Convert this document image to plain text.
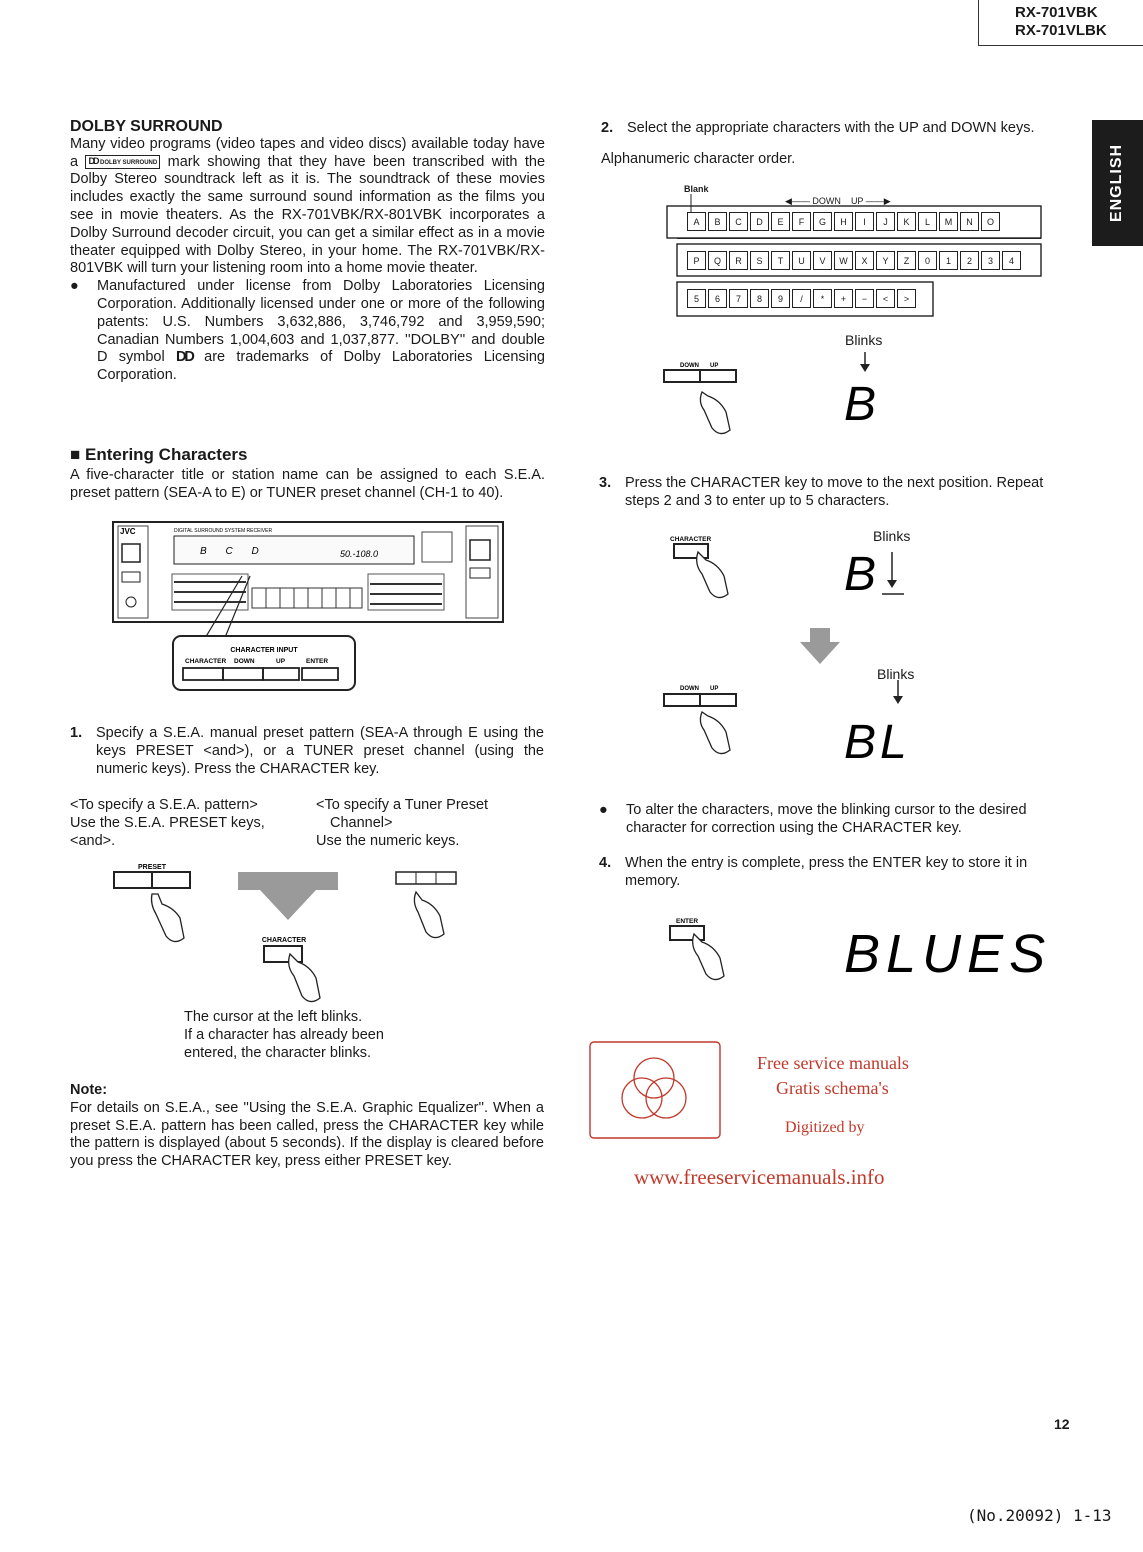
RX-701VBK
RX-701VLBK
ENGLISH
DOLBY SURROUND
Many video programs (video tapes and video discs) available today have a DD DOLBY SURROUND mark showing that they have been transcribed with the Dolby Stereo soundtrack left as it is. The soundtrack of these movies includes exactly the same surround sound information as the films you see in movie theaters. As the RX-701VBK/RX-801VBK incorporates a Dolby Surround decoder circuit, you can get a similar effect as in a movie theater equipped with Dolby Stereo, in your home. The RX-701VBK/RX-801VBK will turn your listening room into a home movie theater.
●	Manufactured under license from Dolby Laboratories Licensing Corporation. Additionally licensed under one or more of the following patents: U.S. Numbers 3,632,886, 3,746,792 and 3,959,590; Canadian Numbers 1,004,603 and 1,037,877. ''DOLBY'' and double D symbol DD are trademarks of Dolby Laboratories Licensing Corporation.
■ Entering Characters
A five-character title or station name can be assigned to each S.E.A. preset pattern (SEA-A to E) or TUNER preset channel (CH-1 to 40).
JVC	DIGITAL SURROUND SYSTEM RECEIVER
B C D	50.-108.0
CHARACTER INPUT
CHARACTER DOWN	UP	ENTER
1. Specify a S.E.A. manual preset pattern (SEA-A through E using the keys PRESET <and>), or a TUNER preset channel (using the numeric keys). Press the CHARACTER key.
<To specify a S.E.A. pattern>
Use the S.E.A. PRESET keys,
<and>.
<To specify a Tuner Preset
Channel>
Use the numeric keys.
PRESET
CHARACTER
The cursor at the left blinks.
If a character has already been
entered, the character blinks.
Note:
For details on S.E.A., see ''Using the S.E.A. Graphic Equalizer''. When a preset S.E.A. pattern has been called, press the CHARACTER key while the pattern is displayed (about 5 seconds). If the display is cleared before you press the CHARACTER key, press either PRESET key.
2. Select the appropriate characters with the UP and DOWN keys.
Alphanumeric character order.
Blank
◀—— DOWN UP ——▶
A	B	C	D	E	F	G	H	I	J	K	L	M	N	O
P	Q	R	S	T	U	V	W	X	Y	Z	0	1	2	3	4
5	6	7	8	9	/	*	+	−	<	>
Blinks
DOWN UP
B
3. Press the CHARACTER key to move to the next position. Repeat steps 2 and 3 to enter up to 5 characters.
Blinks
CHARACTER
B
DOWN UP
BL
Blinks
●	To alter the characters, move the blinking cursor to the desired character for correction using the CHARACTER key.
4. When the entry is complete, press the ENTER key to store it in memory.
ENTER
BLUES
Free service manuals
Gratis schema's
Digitized by
www.freeservicemanuals.info
12
(No.20092) 1-13
